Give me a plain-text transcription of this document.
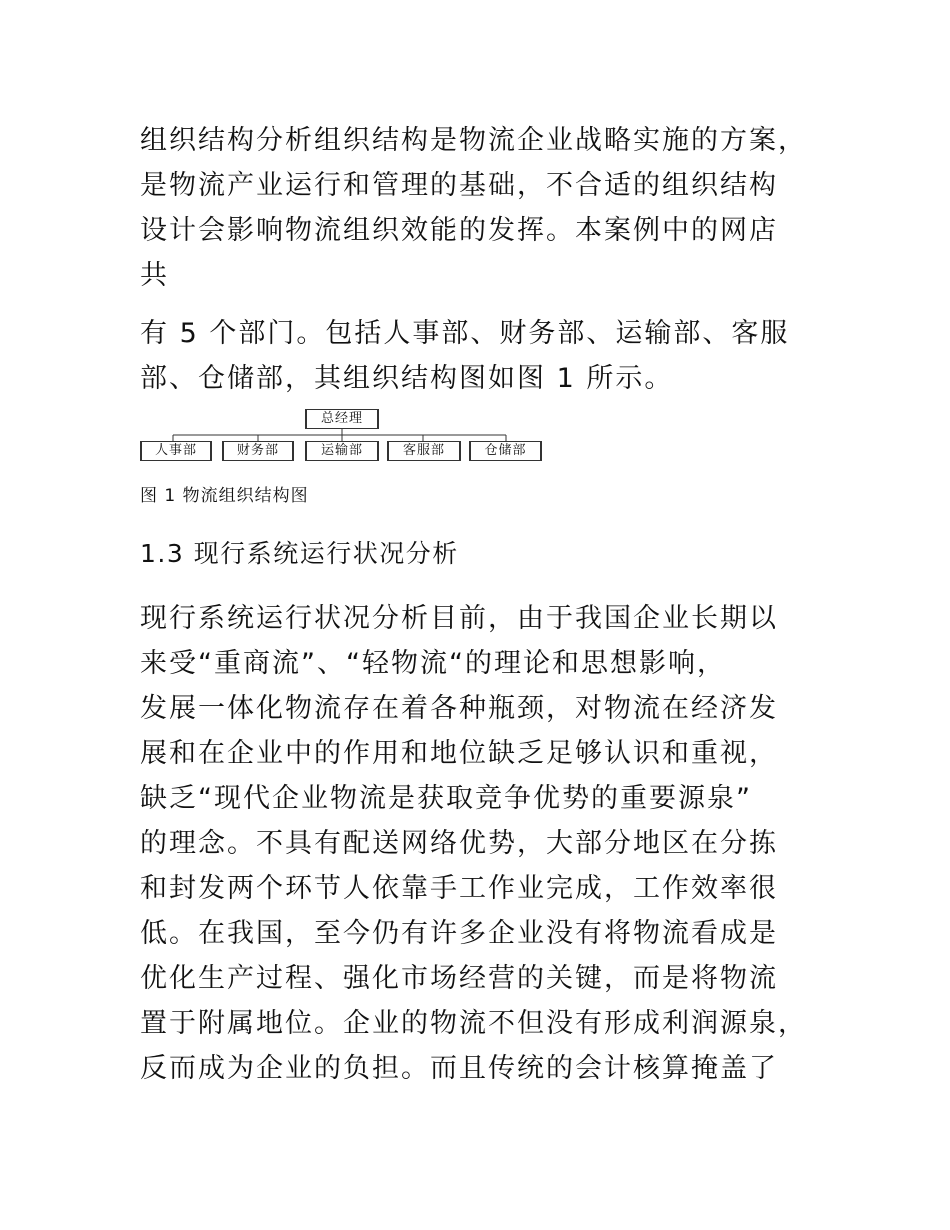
组织结构分析组织结构是物流企业战略实施的方案，
是物流产业运行和管理的基础，不合适的组织结构
设计会影响物流组织效能的发挥。本案例中的网店
共

有 5 个部门。包括人事部、财务部、运输部、客服
部、仓储部，其组织结构图如图 1 所示。

总经理
人事部	财务部	运输部	客服部	仓储部
图 1 物流组织结构图
1.3 现行系统运行状况分析

现行系统运行状况分析目前，由于我国企业长期以
来受“重商流”、“轻物流“的理论和思想影响，
发展一体化物流存在着各种瓶颈，对物流在经济发
展和在企业中的作用和地位缺乏足够认识和重视，
缺乏“现代企业物流是获取竞争优势的重要源泉”
的理念。不具有配送网络优势，大部分地区在分拣
和封发两个环节人依靠手工作业完成，工作效率很
低。在我国，至今仍有许多企业没有将物流看成是
优化生产过程、强化市场经营的关键，而是将物流
置于附属地位。企业的物流不但没有形成利润源泉，
反而成为企业的负担。而且传统的会计核算掩盖了
